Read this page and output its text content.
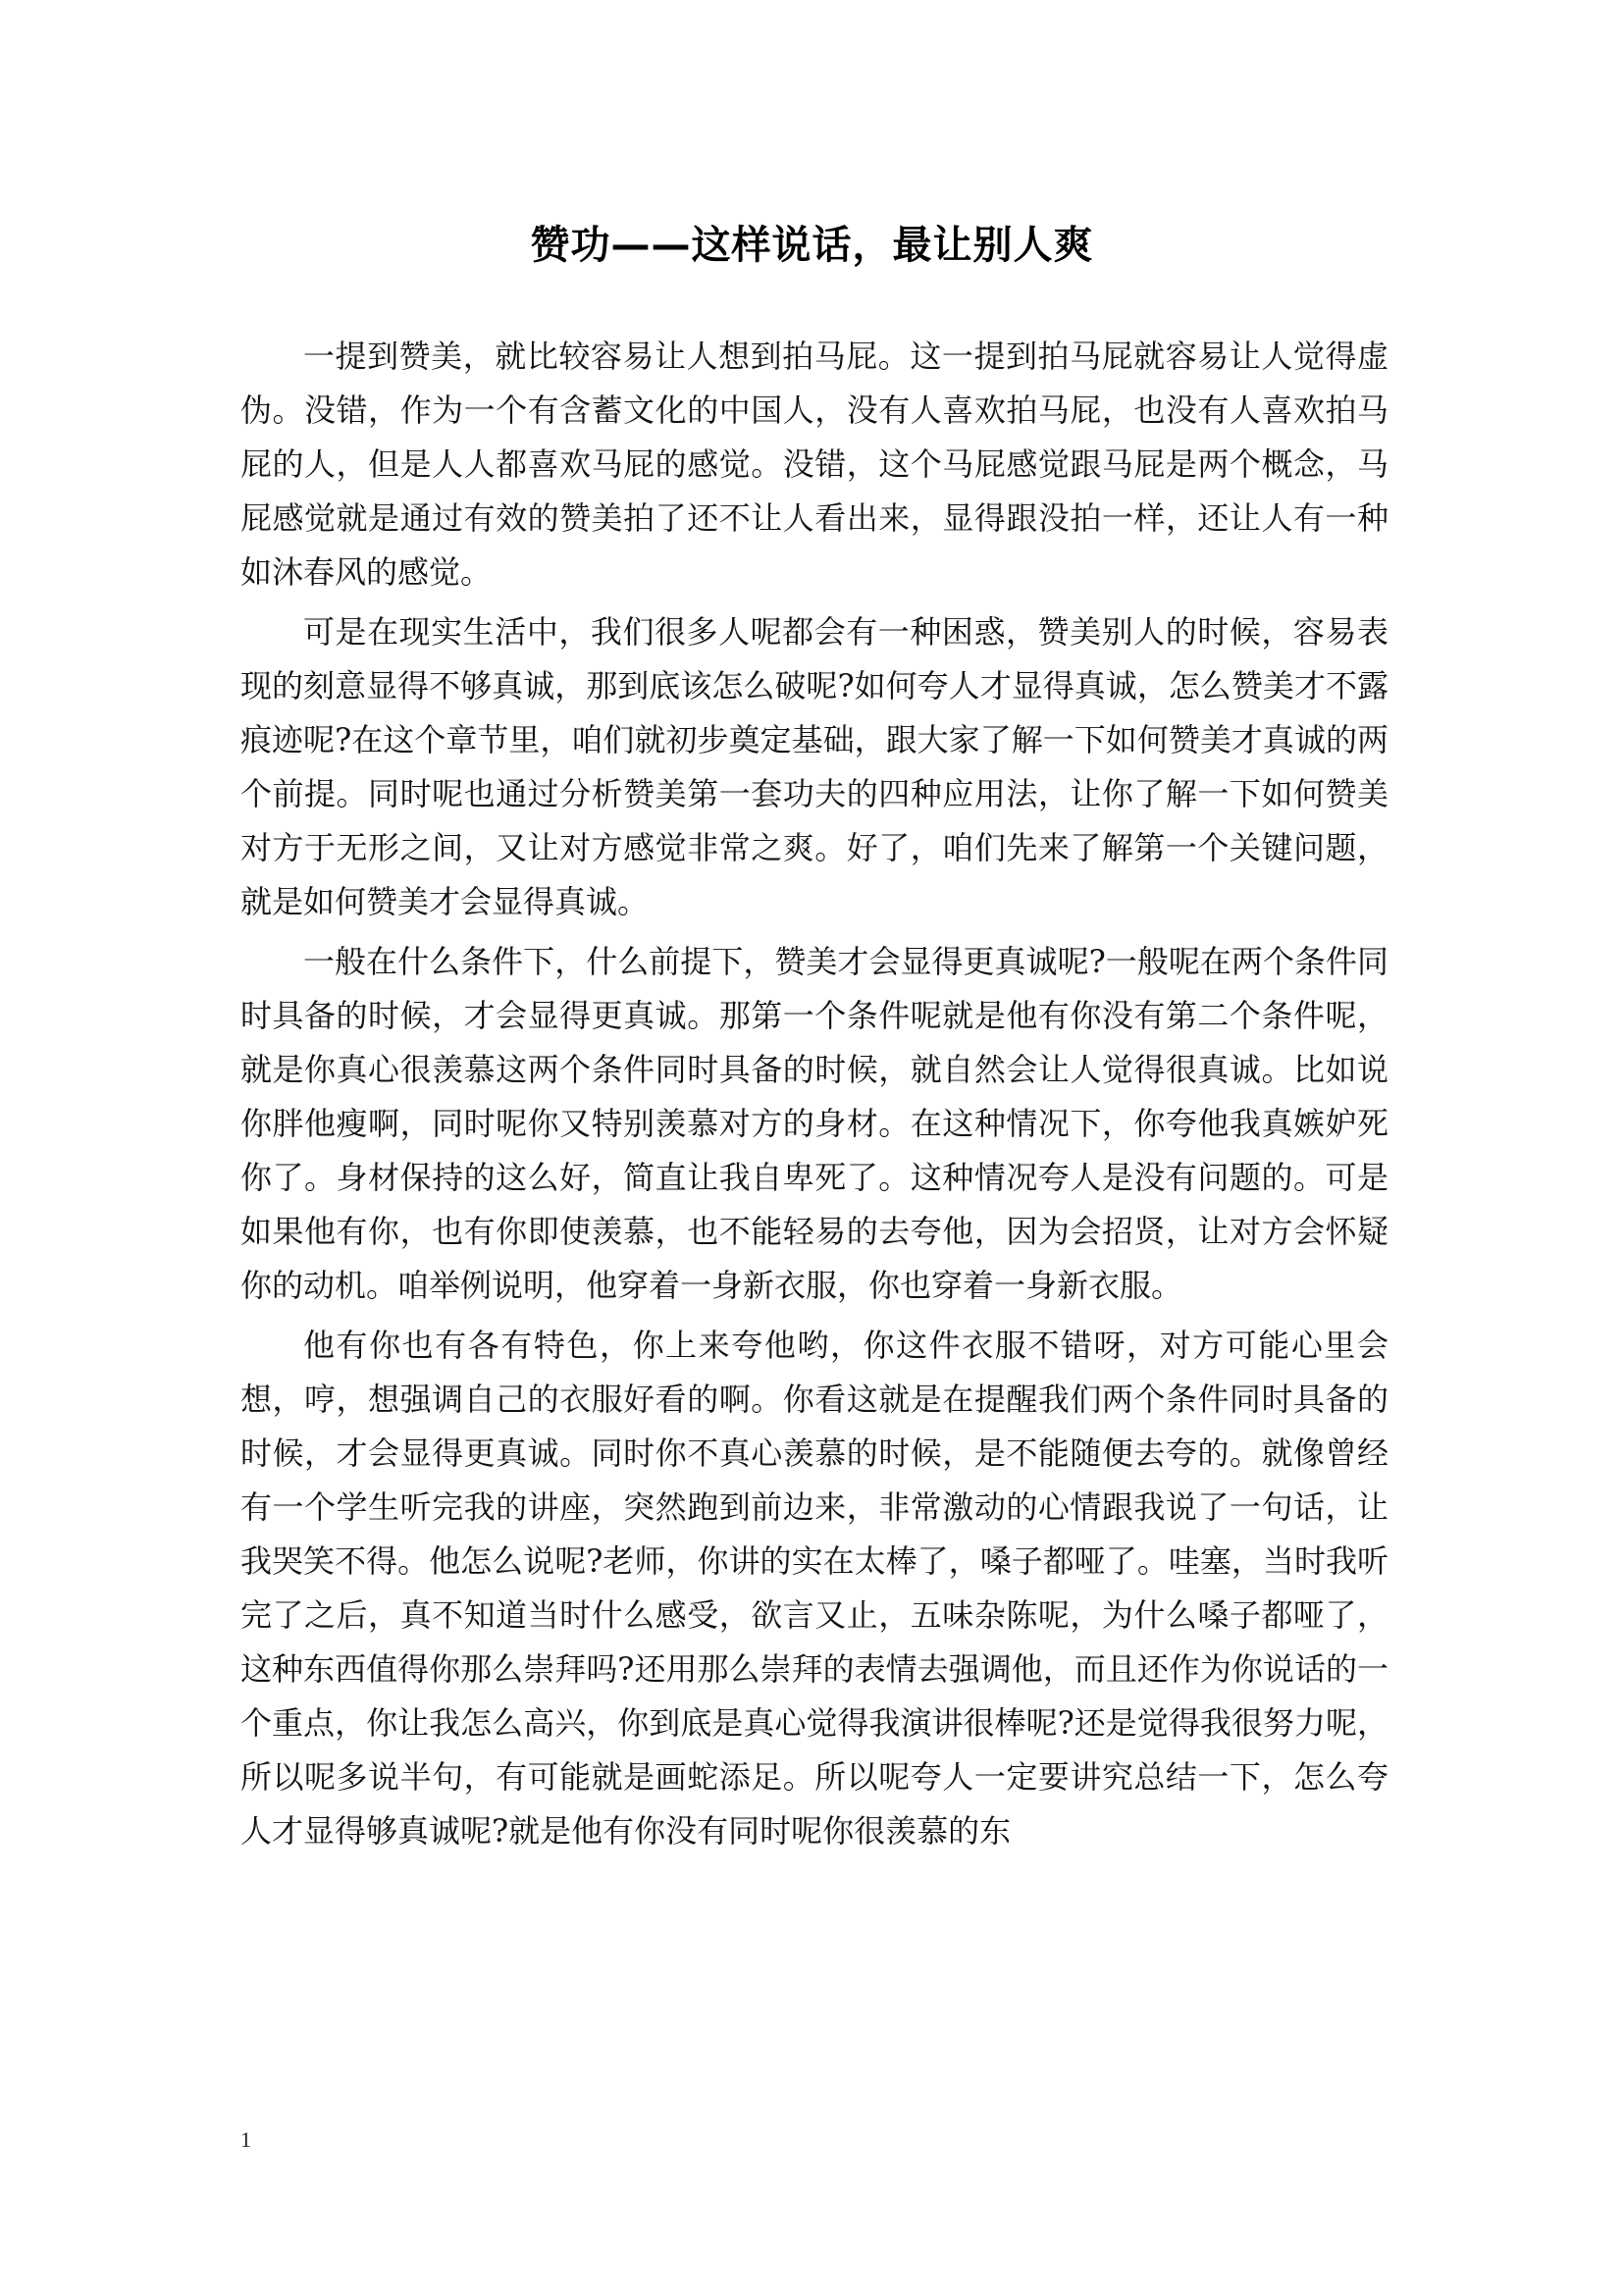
赞功——这样说话，最让别人爽

一提到赞美，就比较容易让人想到拍马屁。这一提到拍马屁就容易让人觉得虚伪。没错，作为一个有含蓄文化的中国人，没有人喜欢拍马屁，也没有人喜欢拍马屁的人，但是人人都喜欢马屁的感觉。没错，这个马屁感觉跟马屁是两个概念，马屁感觉就是通过有效的赞美拍了还不让人看出来，显得跟没拍一样，还让人有一种如沐春风的感觉。

可是在现实生活中，我们很多人呢都会有一种困惑，赞美别人的时候，容易表现的刻意显得不够真诚，那到底该怎么破呢?如何夸人才显得真诚，怎么赞美才不露痕迹呢?在这个章节里，咱们就初步奠定基础，跟大家了解一下如何赞美才真诚的两个前提。同时呢也通过分析赞美第一套功夫的四种应用法，让你了解一下如何赞美对方于无形之间，又让对方感觉非常之爽。好了，咱们先来了解第一个关键问题，就是如何赞美才会显得真诚。

一般在什么条件下，什么前提下，赞美才会显得更真诚呢?一般呢在两个条件同时具备的时候，才会显得更真诚。那第一个条件呢就是他有你没有第二个条件呢，就是你真心很羡慕这两个条件同时具备的时候，就自然会让人觉得很真诚。比如说你胖他瘦啊，同时呢你又特别羡慕对方的身材。在这种情况下，你夸他我真嫉妒死你了。身材保持的这么好，简直让我自卑死了。这种情况夸人是没有问题的。可是如果他有你，也有你即使羡慕，也不能轻易的去夸他，因为会招贤，让对方会怀疑你的动机。咱举例说明，他穿着一身新衣服，你也穿着一身新衣服。

他有你也有各有特色，你上来夸他哟，你这件衣服不错呀，对方可能心里会想，哼，想强调自己的衣服好看的啊。你看这就是在提醒我们两个条件同时具备的时候，才会显得更真诚。同时你不真心羡慕的时候，是不能随便去夸的。就像曾经有一个学生听完我的讲座，突然跑到前边来，非常激动的心情跟我说了一句话，让我哭笑不得。他怎么说呢?老师，你讲的实在太棒了，嗓子都哑了。哇塞，当时我听完了之后，真不知道当时什么感受，欲言又止，五味杂陈呢，为什么嗓子都哑了，这种东西值得你那么崇拜吗?还用那么崇拜的表情去强调他，而且还作为你说话的一个重点，你让我怎么高兴，你到底是真心觉得我演讲很棒呢?还是觉得我很努力呢，所以呢多说半句，有可能就是画蛇添足。所以呢夸人一定要讲究总结一下，怎么夸人才显得够真诚呢?就是他有你没有同时呢你很羡慕的东

1
